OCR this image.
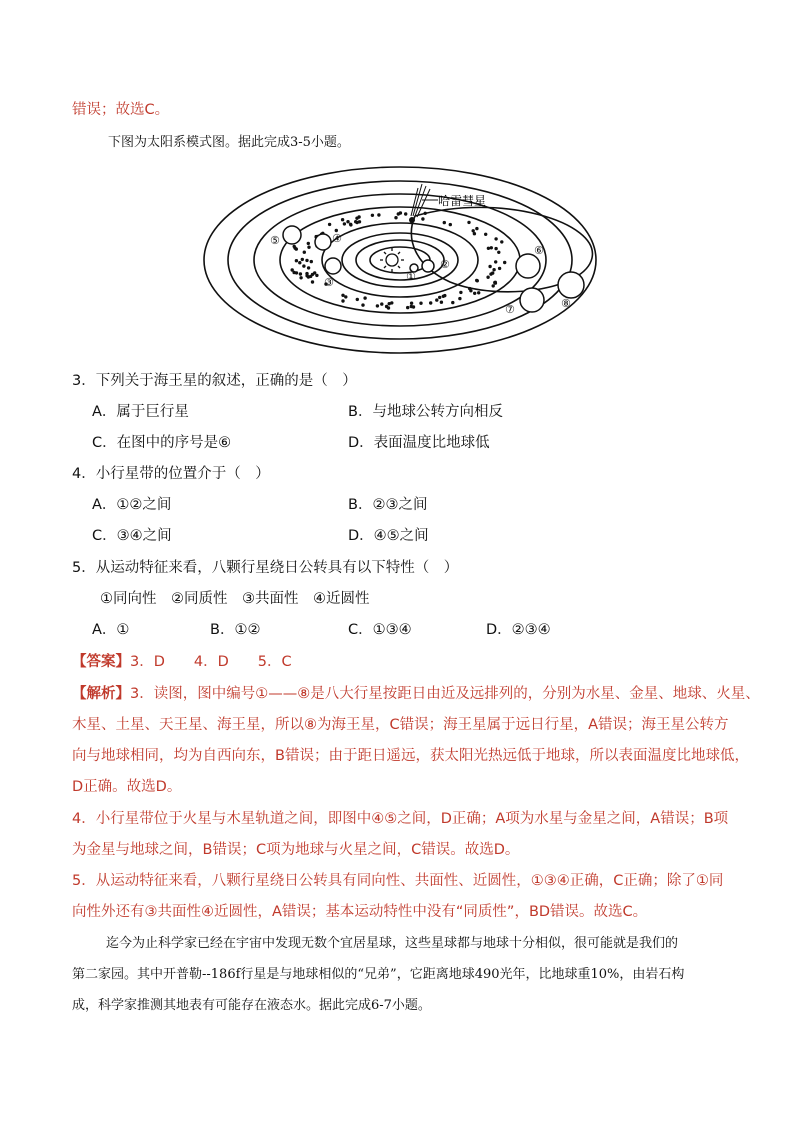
错误；故选C。
下图为太阳系模式图。据此完成3-5小题。
哈雷彗星
①
②
③
④
⑤
⑥
⑦	⑧
3．下列关于海王星的叙述，正确的是（　）
A．属于巨行星	B．与地球公转方向相反
C．在图中的序号是⑥	D．表面温度比地球低
4．小行星带的位置介于（　）
A．①②之间	B．②③之间
C．③④之间	D．④⑤之间
5．从运动特征来看，八颗行星绕日公转具有以下特性（　）
①同向性　②同质性　③共面性　④近圆性
A．①	B．①②	C．①③④	D．②③④
【答案】3．D　　4．D　　5．C
【解析】3．读图，图中编号①——⑧是八大行星按距日由近及远排列的，分别为水星、金星、地球、火星、
木星、土星、天王星、海王星，所以⑧为海王星，C错误；海王星属于远日行星，A错误；海王星公转方
向与地球相同，均为自西向东，B错误；由于距日遥远，获太阳光热远低于地球，所以表面温度比地球低，
D正确。故选D。
4．小行星带位于火星与木星轨道之间，即图中④⑤之间，D正确；A项为水星与金星之间，A错误；B项
为金星与地球之间，B错误；C项为地球与火星之间，C错误。故选D。
5．从运动特征来看，八颗行星绕日公转具有同向性、共面性、近圆性，①③④正确，C正确；除了①同
向性外还有③共面性④近圆性，A错误；基本运动特性中没有“同质性”，BD错误。故选C。
迄今为止科学家已经在宇宙中发现无数个宜居星球，这些星球都与地球十分相似，很可能就是我们的
第二家园。其中开普勒--186f行星是与地球相似的“兄弟”，它距离地球490光年，比地球重10%，由岩石构
成，科学家推测其地表有可能存在液态水。据此完成6-7小题。
